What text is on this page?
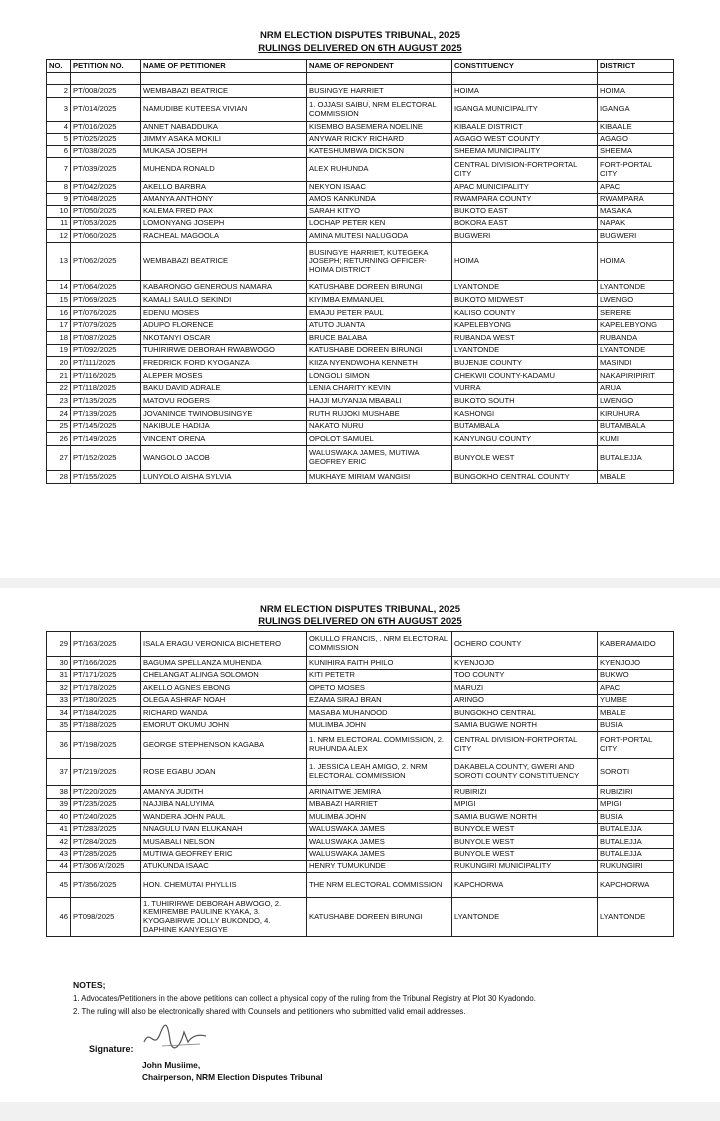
NRM ELECTION DISPUTES TRIBUNAL, 2025
RULINGS DELIVERED ON 6TH AUGUST 2025
NO.	PETITION NO.	NAME OF PETITIONER	NAME OF REPONDENT	CONSTITUENCY	DISTRICT

2	PT/008/2025	WEMBABAZI BEATRICE	BUSINGYE HARRIET	HOIMA	HOIMA
3	PT/014/2025	NAMUDIBE KUTEESA VIVIAN	1. OJJASI SAIBU, NRM ELECTORAL COMMISSION	IGANGA MUNICIPALITY	IGANGA
4	PT/016/2025	ANNET NABADDUKA	KISEMBO BASEMERA NOELINE	KIBAALE DISTRICT	KIBAALE
5	PT/025/2025	JIMMY ASAKA MOKILI	ANYWAR RICKY RICHARD	AGAGO WEST COUNTY	AGAGO
6	PT/038/2025	MUKASA JOSEPH	KATESHUMBWA DICKSON	SHEEMA MUNICIPALITY	SHEEMA
7	PT/039/2025	MUHENDA RONALD	ALEX RUHUNDA	CENTRAL DIVISION-FORTPORTAL CITY	FORT-PORTAL CITY
8	PT/042/2025	AKELLO BARBRA	NEKYON ISAAC	APAC MUNICIPALITY	APAC
9	PT/048/2025	AMANYA ANTHONY	AMOS KANKUNDA	RWAMPARA COUNTY	RWAMPARA
10	PT/050/2025	KALEMA FRED PAX	SARAH KITYO	BUKOTO EAST	MASAKA
11	PT/053/2025	LOMONYANG JOSEPH	LOCHAP PETER KEN	BOKORA EAST	NAPAK
12	PT/060/2025	RACHEAL MAGOOLA	AMINA MUTESI NALUGODA	BUGWERI	BUGWERI
13	PT/062/2025	WEMBABAZI BEATRICE	BUSINGYE HARRIET, KUTEGEKA JOSEPH; RETURNING OFFICER-HOIMA DISTRICT	HOIMA	HOIMA
14	PT/064/2025	KABARONGO GENEROUS NAMARA	KATUSHABE DOREEN BIRUNGI	LYANTONDE	LYANTONDE
15	PT/069/2025	KAMALI SAULO SEKINDI	KIYIMBA EMMANUEL	BUKOTO MIDWEST	LWENGO
16	PT/076/2025	EDENU MOSES	EMAJU PETER PAUL	KALISO COUNTY	SERERE
17	PT/079/2025	ADUPO FLORENCE	ATUTO JUANTA	KAPELEBYONG	KAPELEBYONG
18	PT/087/2025	NKOTANYI OSCAR	BRUCE BALABA	RUBANDA WEST	RUBANDA
19	PT/092/2025	TUHIRIRWE DEBORAH RWABWOGO	KATUSHABE DOREEN BIRUNGI	LYANTONDE	LYANTONDE
20	PT/111/2025	FREDRICK FORD KYOGANZA	KIIZA NYENDWOHA KENNETH	BUJENJE COUNTY	MASINDI
21	PT/116/2025	ALEPER MOSES	LONGOLI SIMON	CHEKWII COUNTY-KADAMU	NAKAPIRIPIRIT
22	PT/118/2025	BAKU DAVID ADRALE	LENIA CHARITY KEVIN	VURRA	ARUA
23	PT/135/2025	MATOVU ROGERS	HAJJI MUYANJA MBABALI	BUKOTO SOUTH	LWENGO
24	PT/139/2025	JOVANINCE TWINOBUSINGYE	RUTH RUJOKI MUSHABE	KASHONGI	KIRUHURA
25	PT/145/2025	NAKIBULE HADIJA	NAKATO NURU	BUTAMBALA	BUTAMBALA
26	PT/149/2025	VINCENT ORENA	OPOLOT SAMUEL	KANYUNGU COUNTY	KUMI
27	PT/152/2025	WANGOLO JACOB	WALUSWAKA JAMES, MUTIWA GEOFREY ERIC	BUNYOLE WEST	BUTALEJJA
28	PT/155/2025	LUNYOLO AISHA SYLVIA	MUKHAYE MIRIAM WANGISI	BUNGOKHO CENTRAL COUNTY	MBALE
NRM ELECTION DISPUTES TRIBUNAL, 2025
RULINGS DELIVERED ON 6TH AUGUST 2025
29	PT/163/2025	ISALA ERAGU VERONICA BICHETERO	OKULLO FRANCIS, . NRM ELECTORAL COMMISSION	OCHERO COUNTY	KABERAMAIDO
30	PT/166/2025	BAGUMA SPELLANZA MUHENDA	KUNIHIRA FAITH PHILO	KYENJOJO	KYENJOJO
31	PT/171/2025	CHELANGAT ALINGA SOLOMON	KITI PETETR	TOO COUNTY	BUKWO
32	PT/178/2025	AKELLO AGNES EBONG	OPETO MOSES	MARUZI	APAC
33	PT/180/2025	OLEGA ASHRAF NOAH	EZAMA SIRAJ BRAN	ARINGO	YUMBE
34	PT/184/2025	RICHARD WANDA	MASABA MUHANOOD	BUNGOKHO CENTRAL	MBALE
35	PT/188/2025	EMORUT OKUMU JOHN	MULIMBA JOHN	SAMIA BUGWE NORTH	BUSIA
36	PT/198/2025	GEORGE STEPHENSON KAGABA	1. NRM ELECTORAL COMMISSION, 2. RUHUNDA ALEX	CENTRAL DIVISION-FORTPORTAL CITY	FORT-PORTAL CITY
37	PT/219/2025	ROSE EGABU JOAN	1. JESSICA LEAH AMIGO, 2. NRM ELECTORAL COMMISSION	DAKABELA COUNTY, GWERI AND SOROTI COUNTY CONSTITUENCY	SOROTI
38	PT/220/2025	AMANYA JUDITH	ARINAITWE JEMIRA	RUBIRIZI	RUBIZIRI
39	PT/235/2025	NAJJIBA NALUYIMA	MBABAZI HARRIET	MPIGI	MPIGI
40	PT/240/2025	WANDERA JOHN PAUL	MULIMBA JOHN	SAMIA BUGWE NORTH	BUSIA
41	PT/283/2025	NNAGULU IVAN ELUKANAH	WALUSWAKA JAMES	BUNYOLE WEST	BUTALEJJA
42	PT/284/2025	MUSABALI NELSON	WALUSWAKA JAMES	BUNYOLE WEST	BUTALEJJA
43	PT/285/2025	MUTIWA GEOFREY ERIC	WALUSWAKA JAMES	BUNYOLE WEST	BUTALEJJA
44	PT/306'A'/2025	ATUKUNDA ISAAC	HENRY TUMUKUNDE	RUKUNGIRI MUNICIPALITY	RUKUNGIRI
45	PT/356/2025	HON. CHEMUTAI PHYLLIS	THE NRM ELECTORAL COMMISSION	KAPCHORWA	KAPCHORWA
46	PT098/2025	1. TUHIRIRWE DEBORAH ABWOGO, 2. KEMIREMBE PAULINE KYAKA, 3. KYOGABIRWE JOLLY BUKONDO, 4. DAPHINE KANYESIGYE	KATUSHABE DOREEN BIRUNGI	LYANTONDE	LYANTONDE
NOTES;
1. Advocates/Petitioners in the above petitions can collect a physical copy of the ruling from the Tribunal Registry at Plot 30 Kyadondo.
2. The ruling will also be electronically shared with Counsels and petitioners who submitted valid email addresses.
Signature:
John Musiime,
Chairperson, NRM Election Disputes Tribunal
